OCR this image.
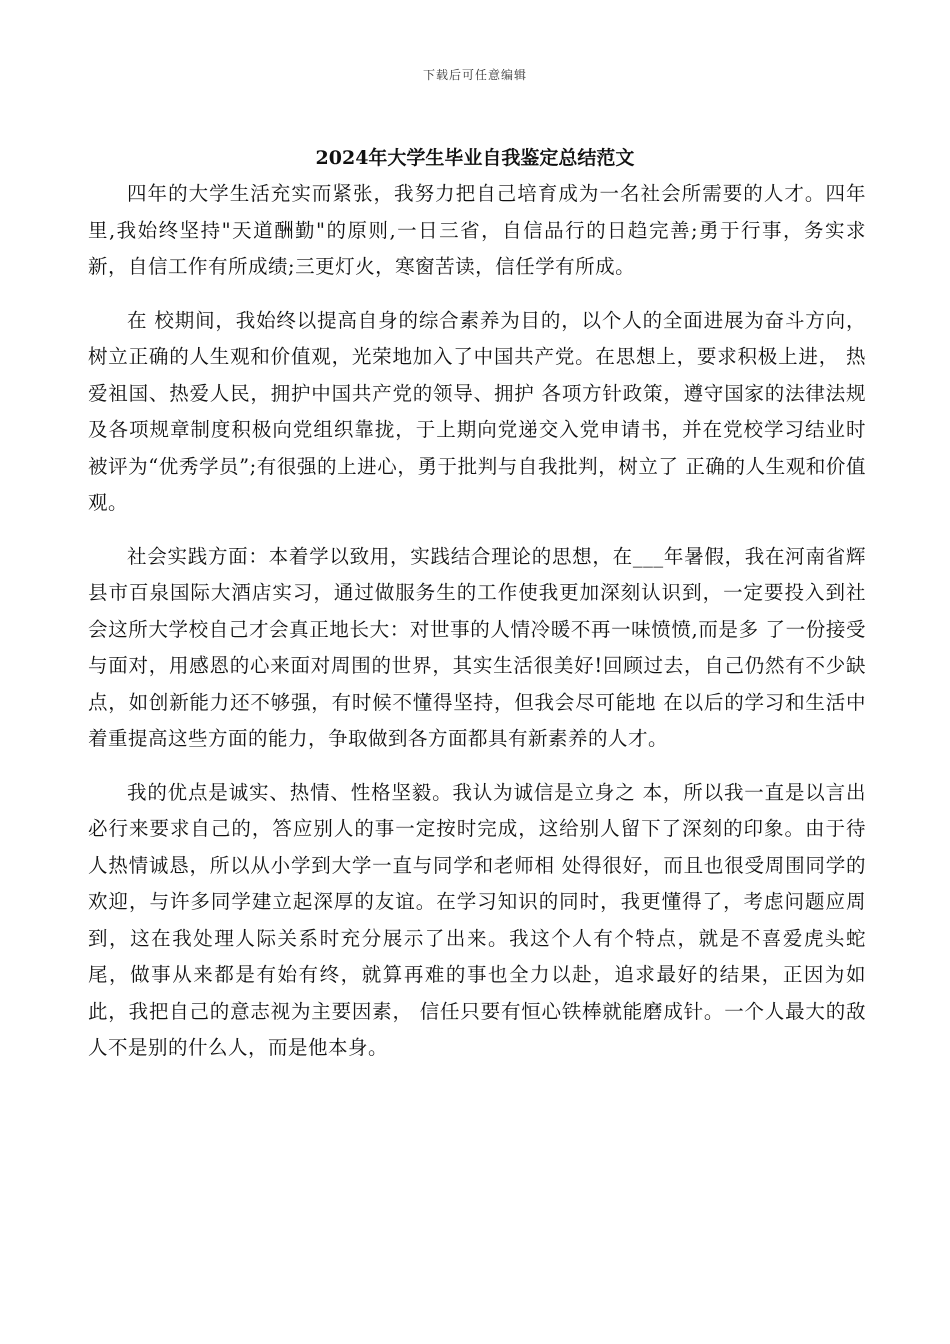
下载后可任意编辑
2024年大学生毕业自我鉴定总结范文

四年的大学生活充实而紧张，我努力把自己培育成为一名社会所需要的人才。四年里,我始终坚持"天道酬勤"的原则,一日三省，自信品行的日趋完善;勇于行事，务实求新，自信工作有所成绩;三更灯火，寒窗苦读，信任学有所成。

在 校期间，我始终以提高自身的综合素养为目的，以个人的全面进展为奋斗方向，树立正确的人生观和价值观，光荣地加入了中国共产党。在思想上，要求积极上进， 热爱祖国、热爱人民，拥护中国共产党的领导、拥护 各项方针政策，遵守国家的法律法规及各项规章制度积极向党组织靠拢，于上期向党递交入党申请书，并在党校学习结业时被评为“优秀学员”;有很强的上进心，勇于批判与自我批判，树立了 正确的人生观和价值观。

社会实践方面：本着学以致用，实践结合理论的思想，在___年暑假，我在河南省辉 县市百泉国际大酒店实习，通过做服务生的工作使我更加深刻认识到，一定要投入到社会这所大学校自己才会真正地长大：对世事的人情冷暖不再一味愤愤,而是多 了一份接受与面对，用感恩的心来面对周围的世界，其实生活很美好!回顾过去，自己仍然有不少缺点，如创新能力还不够强，有时候不懂得坚持，但我会尽可能地 在以后的学习和生活中着重提高这些方面的能力，争取做到各方面都具有新素养的人才。

我的优点是诚实、热情、性格坚毅。我认为诚信是立身之 本，所以我一直是以言出必行来要求自己的，答应别人的事一定按时完成，这给别人留下了深刻的印象。由于待人热情诚恳，所以从小学到大学一直与同学和老师相 处得很好，而且也很受周围同学的欢迎，与许多同学建立起深厚的友谊。在学习知识的同时，我更懂得了，考虑问题应周到，这在我处理人际关系时充分展示了出来。我这个人有个特点，就是不喜爱虎头蛇尾，做事从来都是有始有终，就算再难的事也全力以赴，追求最好的结果，正因为如此，我把自己的意志视为主要因素， 信任只要有恒心铁棒就能磨成针。一个人最大的敌人不是别的什么人，而是他本身。
